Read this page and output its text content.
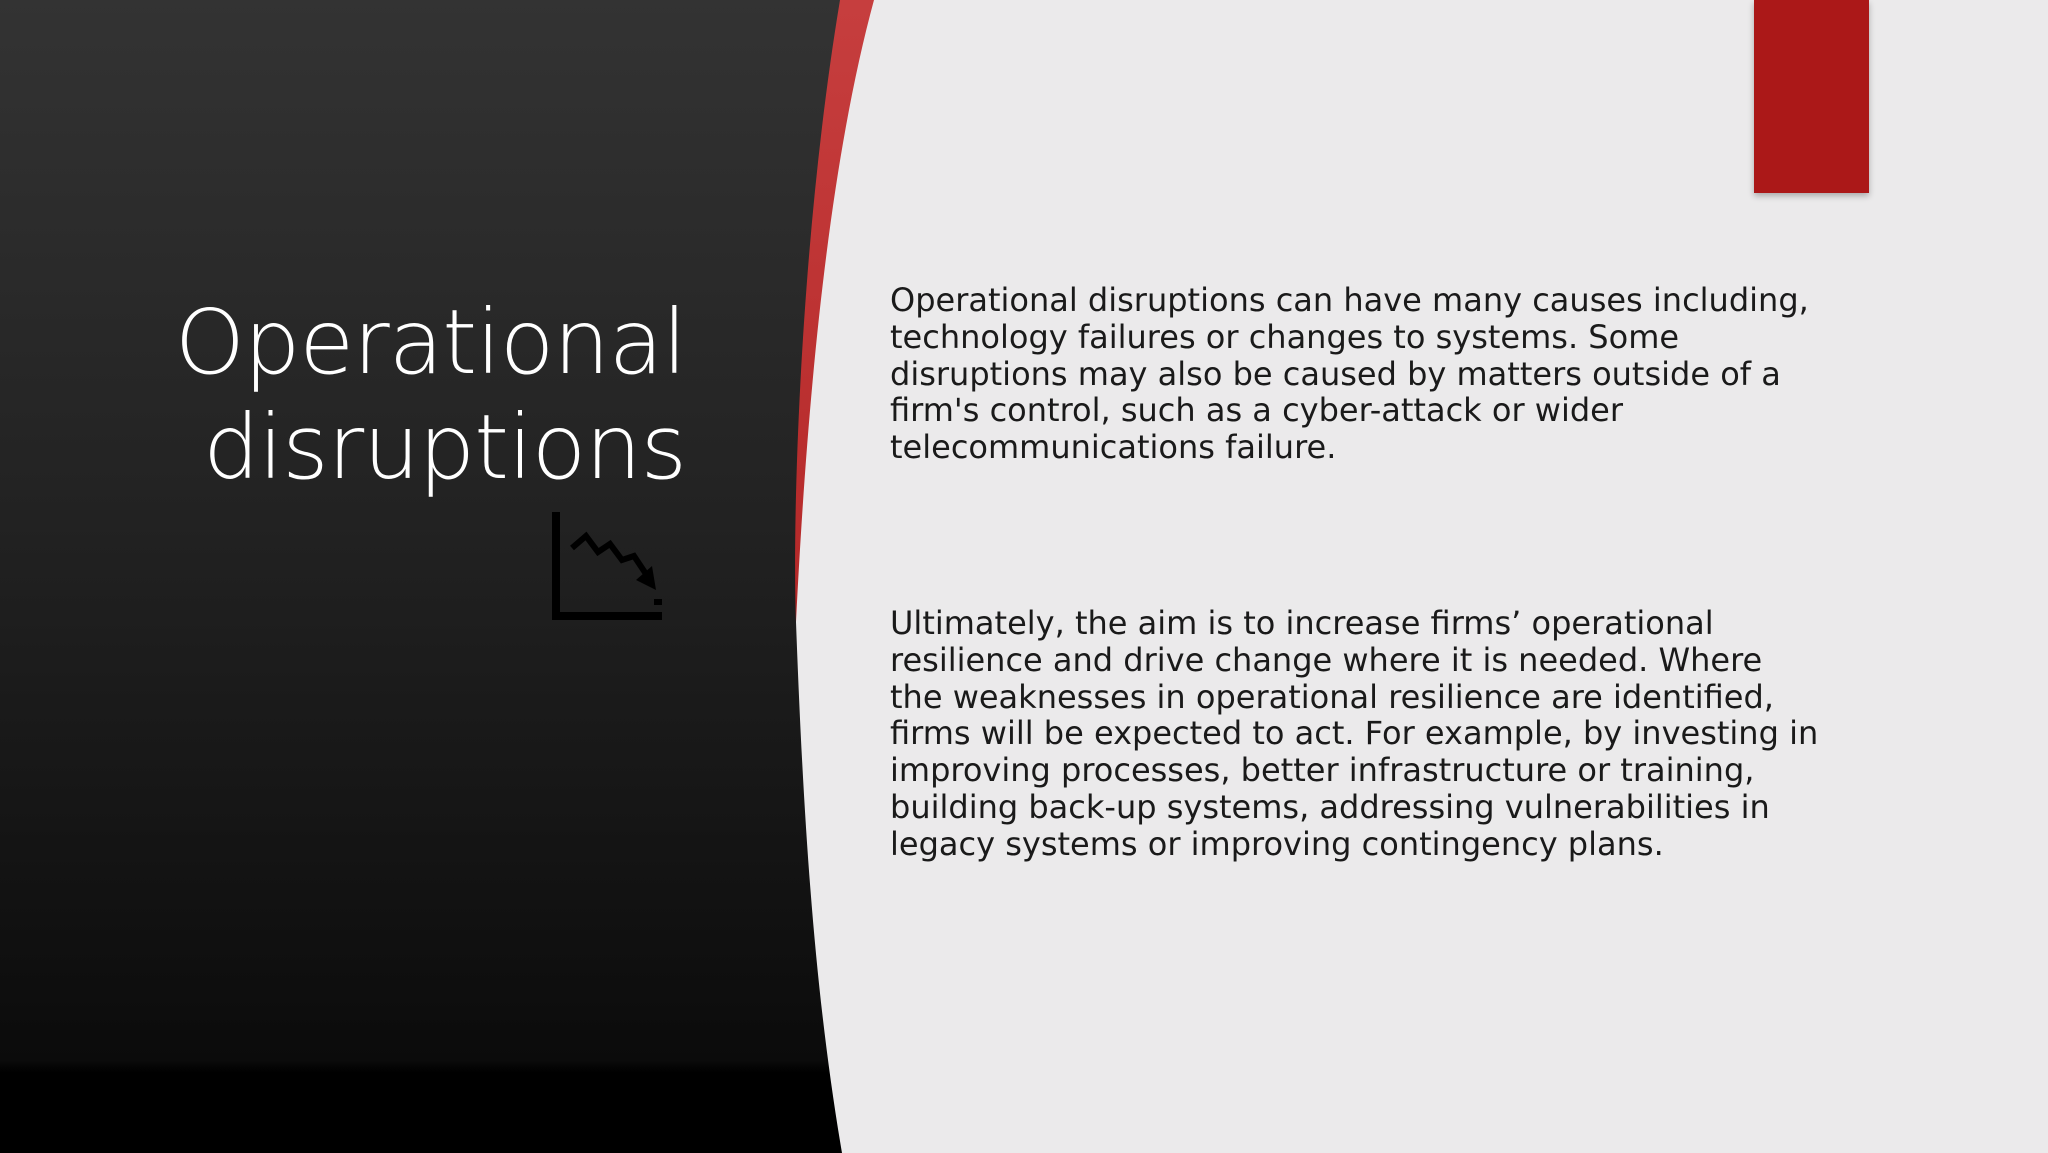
Operational
disruptions
Operational disruptions can have many causes including,
technology failures or changes to systems. Some
disruptions may also be caused by matters outside of a
firm's control, such as a cyber-attack or wider
telecommunications failure.
Ultimately, the aim is to increase firms’ operational
resilience and drive change where it is needed. Where
the weaknesses in operational resilience are identified,
firms will be expected to act. For example, by investing in
improving processes, better infrastructure or training,
building back-up systems, addressing vulnerabilities in
legacy systems or improving contingency plans.
